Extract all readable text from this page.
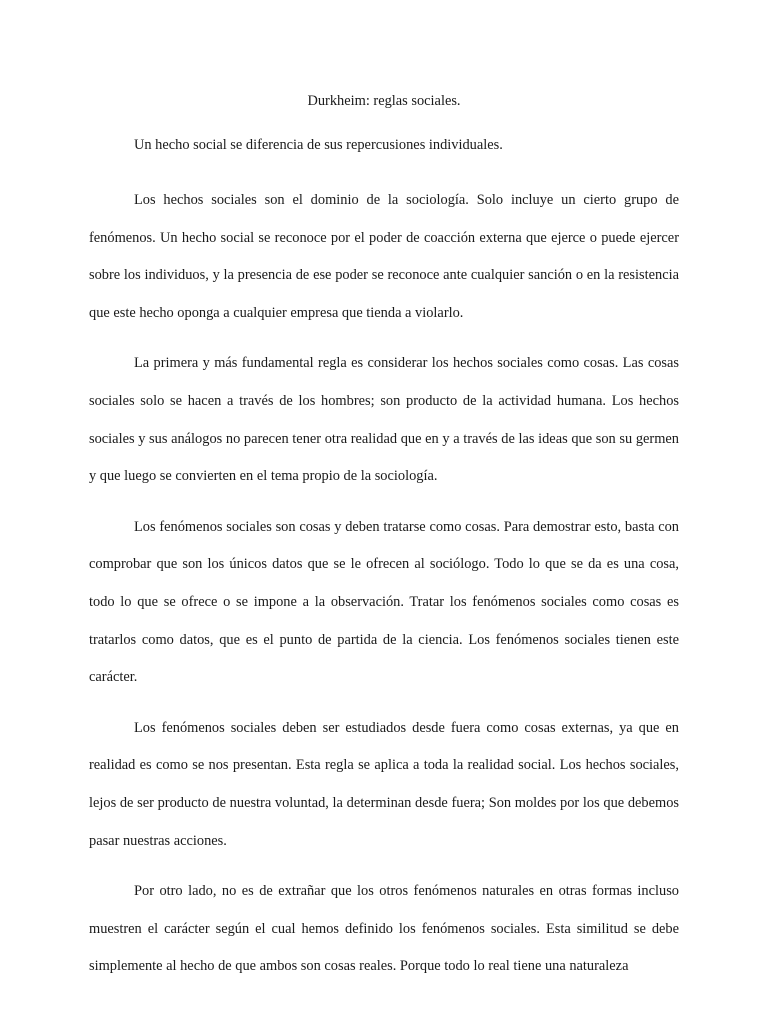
Durkheim: reglas sociales.

Un hecho social se diferencia de sus repercusiones individuales.

Los hechos sociales son el dominio de la sociología. Solo incluye un cierto grupo de fenómenos. Un hecho social se reconoce por el poder de coacción externa que ejerce o puede ejercer sobre los individuos, y la presencia de ese poder se reconoce ante cualquier sanción o en la resistencia que este hecho oponga a cualquier empresa que tienda a violarlo.

La primera y más fundamental regla es considerar los hechos sociales como cosas. Las cosas sociales solo se hacen a través de los hombres; son producto de la actividad humana. Los hechos sociales y sus análogos no parecen tener otra realidad que en y a través de las ideas que son su germen y que luego se convierten en el tema propio de la sociología.

Los fenómenos sociales son cosas y deben tratarse como cosas. Para demostrar esto, basta con comprobar que son los únicos datos que se le ofrecen al sociólogo. Todo lo que se da es una cosa, todo lo que se ofrece o se impone a la observación. Tratar los fenómenos sociales como cosas es tratarlos como datos, que es el punto de partida de la ciencia. Los fenómenos sociales tienen este carácter.

Los fenómenos sociales deben ser estudiados desde fuera como cosas externas, ya que en realidad es como se nos presentan. Esta regla se aplica a toda la realidad social. Los hechos sociales, lejos de ser producto de nuestra voluntad, la determinan desde fuera; Son moldes por los que debemos pasar nuestras acciones.

Por otro lado, no es de extrañar que los otros fenómenos naturales en otras formas incluso muestren el carácter según el cual hemos definido los fenómenos sociales. Esta similitud se debe simplemente al hecho de que ambos son cosas reales. Porque todo lo real tiene una naturaleza
